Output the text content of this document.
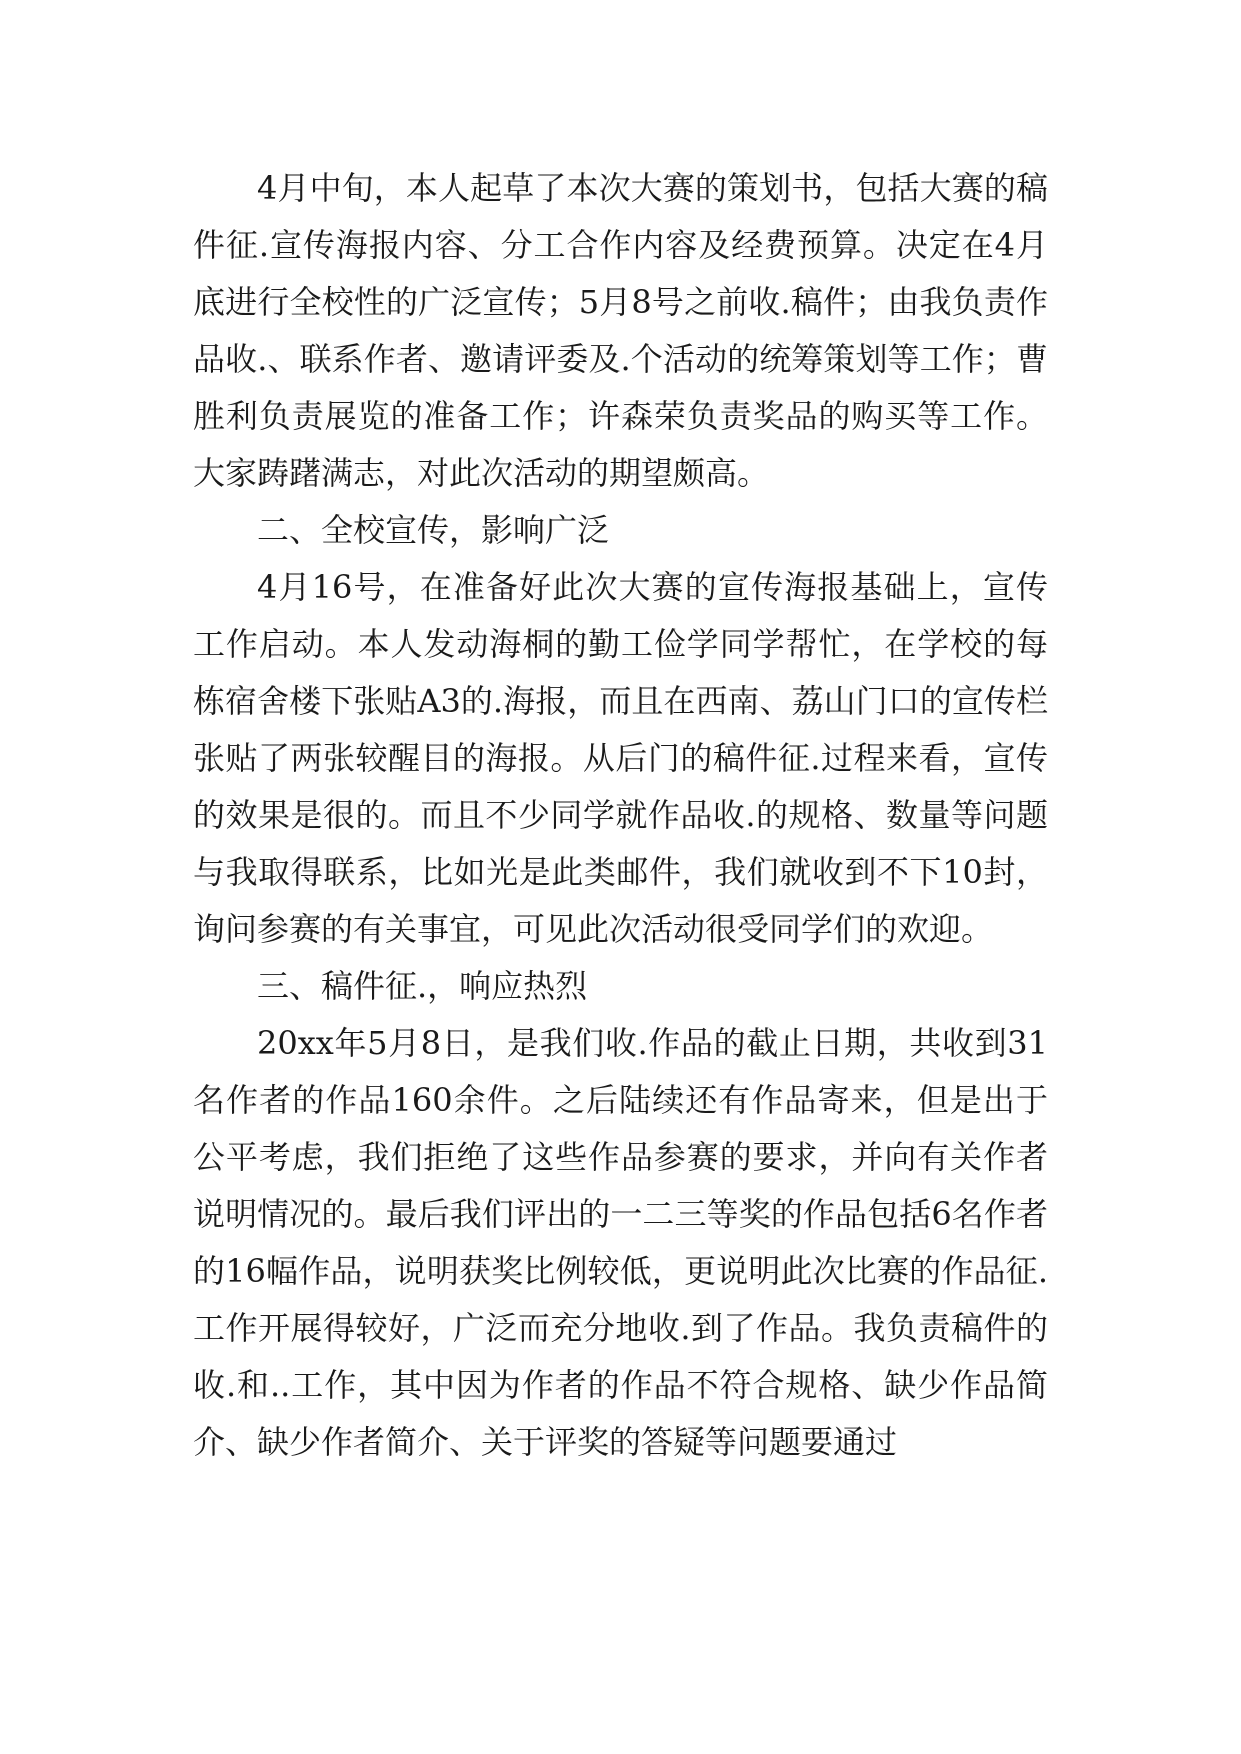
4月中旬，本人起草了本次大赛的策划书，包括大赛的稿件征.宣传海报内容、分工合作内容及经费预算。决定在4月底进行全校性的广泛宣传；5月8号之前收.稿件；由我负责作品收.、联系作者、邀请评委及.个活动的统筹策划等工作；曹胜利负责展览的准备工作；许森荣负责奖品的购买等工作。大家踌躇满志，对此次活动的期望颇高。

二、全校宣传，影响广泛

4月16号，在准备好此次大赛的宣传海报基础上，宣传工作启动。本人发动海桐的勤工俭学同学帮忙，在学校的每栋宿舍楼下张贴A3的.海报，而且在西南、荔山门口的宣传栏张贴了两张较醒目的海报。从后门的稿件征.过程来看，宣传的效果是很的。而且不少同学就作品收.的规格、数量等问题与我取得联系，比如光是此类邮件，我们就收到不下10封，询问参赛的有关事宜，可见此次活动很受同学们的欢迎。

三、稿件征.，响应热烈

20xx年5月8日，是我们收.作品的截止日期，共收到31名作者的作品160余件。之后陆续还有作品寄来，但是出于公平考虑，我们拒绝了这些作品参赛的要求，并向有关作者说明情况的。最后我们评出的一二三等奖的作品包括6名作者的16幅作品，说明获奖比例较低，更说明此次比赛的作品征.工作开展得较好，广泛而充分地收.到了作品。我负责稿件的收.和..工作，其中因为作者的作品不符合规格、缺少作品简介、缺少作者简介、关于评奖的答疑等问题要通过
